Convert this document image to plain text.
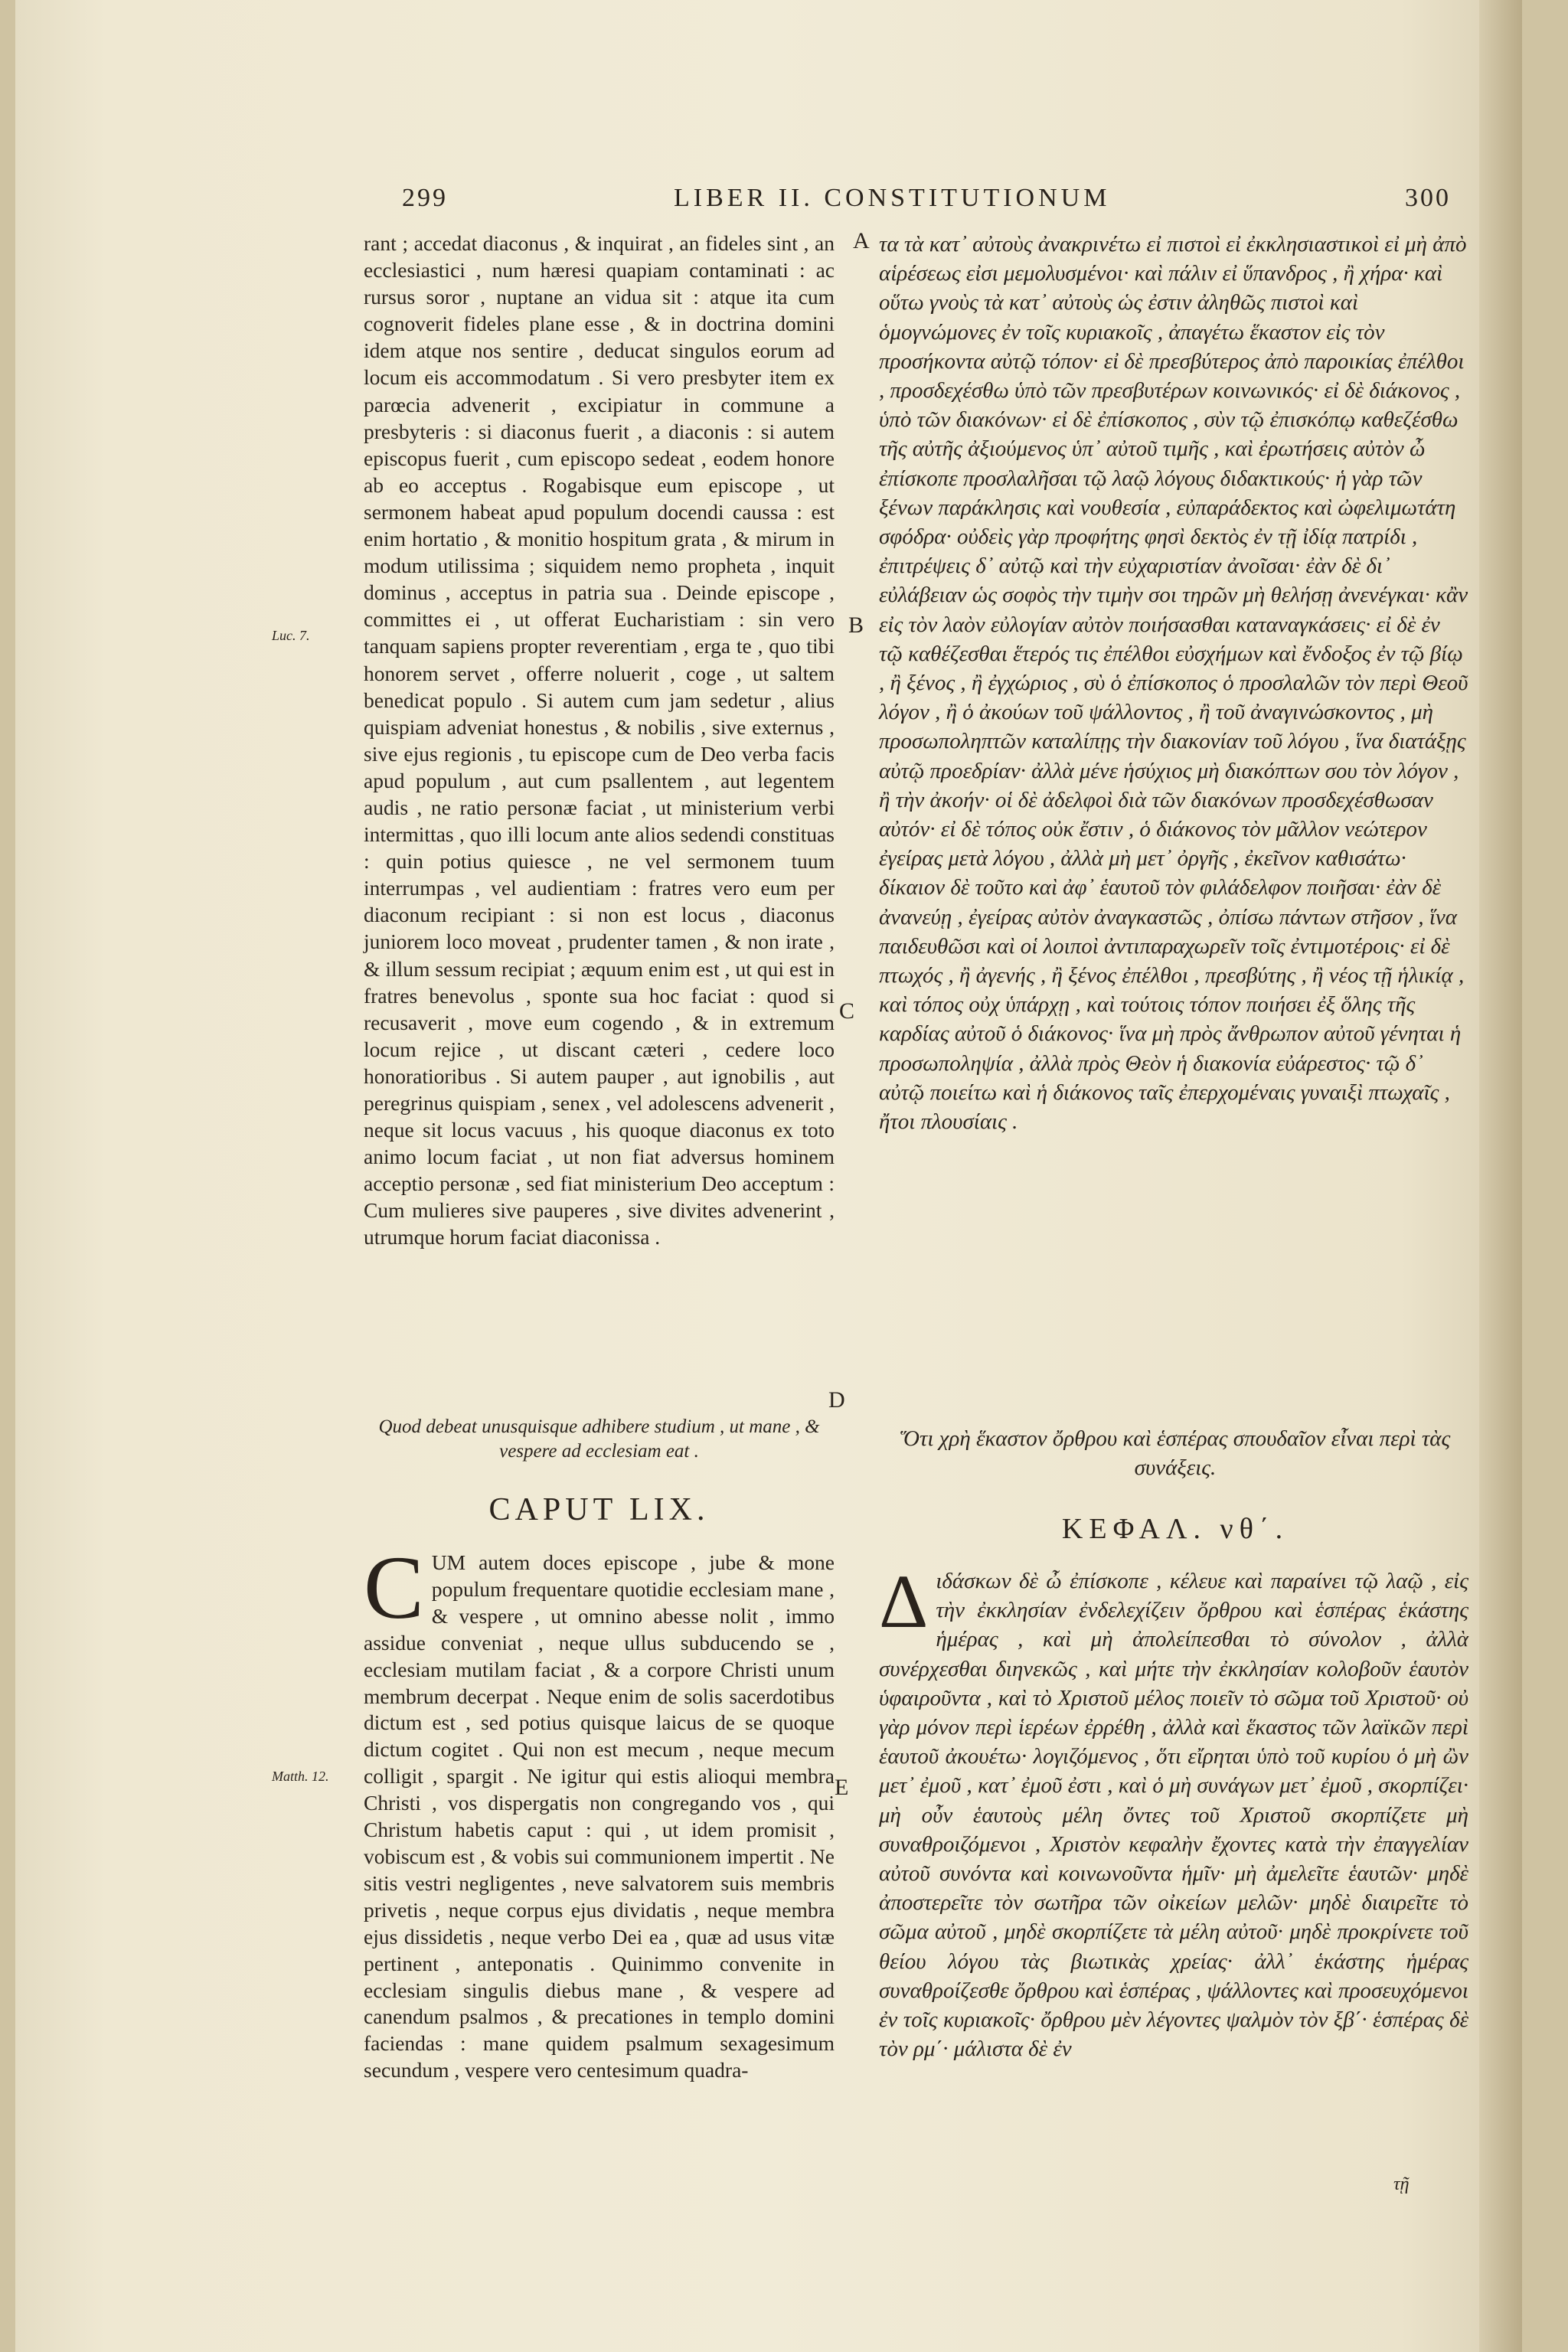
299	LIBER II. CONSTITUTIONUM	300

rant ; accedat diaconus , & inquirat , an fideles sint , an ecclesiastici , num hæresi quapiam contaminati : ac rursus soror , nuptane an vidua sit : atque ita cum cognoverit fideles plane esse , & in doctrina domini idem atque nos sentire , deducat singulos eorum ad locum eis accommodatum . Si vero presbyter item ex parœcia advenerit , excipiatur in commune a presbyteris : si diaconus fuerit , a diaconis : si autem episcopus fuerit , cum episcopo sedeat , eodem honore ab eo acceptus . Rogabisque eum episcope , ut sermonem habeat apud populum docendi caussa : est enim hortatio , & monitio hospitum grata , & mirum in modum utilissima ; siquidem nemo propheta , inquit dominus , acceptus in patria sua . Deinde episcope , committes ei , ut offerat Eucharistiam : sin vero tanquam sapiens propter reverentiam , erga te , quo tibi honorem servet , offerre noluerit , coge , ut saltem benedicat populo . Si autem cum jam sedetur , alius quispiam adveniat honestus , & nobilis , sive externus , sive ejus regionis , tu episcope cum de Deo verba facis apud populum , aut cum psallentem , aut legentem audis , ne ratio personæ faciat , ut ministerium verbi intermittas , quo illi locum ante alios sedendi constituas : quin potius quiesce , ne vel sermonem tuum interrumpas , vel audientiam : fratres vero eum per diaconum recipiant : si non est locus , diaconus juniorem loco moveat , prudenter tamen , & non irate , & illum sessum recipiat ; æquum enim est , ut qui est in fratres benevolus , sponte sua hoc faciat : quod si recusaverit , move eum cogendo , & in extremum locum rejice , ut discant cæteri , cedere loco honoratioribus . Si autem pauper , aut ignobilis , aut peregrinus quispiam , senex , vel adolescens advenerit , neque sit locus vacuus , his quoque diaconus ex toto animo locum faciat , ut non fiat adversus hominem acceptio personæ , sed fiat ministerium Deo acceptum : Cum mulieres sive pauperes , sive divites advenerint , utrumque horum faciat diaconissa .

τα τὰ κατ᾽ αὐτοὺς ἀνακρινέτω εἰ πιστοὶ εἰ ἐκκλησιαστικοὶ εἰ μὴ ἀπὸ αἱρέσεως εἰσι μεμολυσμένοι· καὶ πάλιν εἰ ὕπανδρος , ἢ χήρα· καὶ οὕτω γνοὺς τὰ κατ᾽ αὐτοὺς ὡς ἐστιν ἀληθῶς πιστοὶ καὶ ὁμογνώμονες ἐν τοῖς κυριακοῖς , ἀπαγέτω ἕκαστον εἰς τὸν προσήκοντα αὐτῷ τόπον· εἰ δὲ πρεσβύτερος ἀπὸ παροικίας ἐπέλθοι , προσδεχέσθω ὑπὸ τῶν πρεσβυτέρων κοινωνικός· εἰ δὲ διάκονος , ὑπὸ τῶν διακόνων· εἰ δὲ ἐπίσκοπος , σὺν τῷ ἐπισκόπῳ καθεζέσθω τῆς αὐτῆς ἀξιούμενος ὑπ᾽ αὐτοῦ τιμῆς , καὶ ἐρωτήσεις αὐτὸν ὦ ἐπίσκοπε προσλαλῆσαι τῷ λαῷ λόγους διδακτικούς· ἡ γὰρ τῶν ξένων παράκλησις καὶ νουθεσία , εὐπαράδεκτος καὶ ὠφελιμωτάτη σφόδρα· οὐδεὶς γὰρ προφήτης φησὶ δεκτὸς ἐν τῇ ἰδίᾳ πατρίδι , ἐπιτρέψεις δ᾽ αὐτῷ καὶ τὴν εὐχαριστίαν ἀνοῖσαι· ἐὰν δὲ δι᾽ εὐλάβειαν ὡς σοφὸς τὴν τιμὴν σοι τηρῶν μὴ θελήσῃ ἀνενέγκαι· κἂν εἰς τὸν λαὸν εὐλογίαν αὐτὸν ποιήσασθαι καταναγκάσεις· εἰ δὲ ἐν τῷ καθέζεσθαι ἕτερός τις ἐπέλθοι εὐσχήμων καὶ ἔνδοξος ἐν τῷ βίῳ , ἢ ξένος , ἢ ἐγχώριος , σὺ ὁ ἐπίσκοπος ὁ προσλαλῶν τὸν περὶ Θεοῦ λόγον , ἢ ὁ ἀκούων τοῦ ψάλλοντος , ἢ τοῦ ἀναγινώσκοντος , μὴ προσωποληπτῶν καταλίπῃς τὴν διακονίαν τοῦ λόγου , ἵνα διατάξῃς αὐτῷ προεδρίαν· ἀλλὰ μένε ἡσύχιος μὴ διακόπτων σου τὸν λόγον , ἢ τὴν ἀκοήν· οἱ δὲ ἀδελφοὶ διὰ τῶν διακόνων προσδεχέσθωσαν αὐτόν· εἰ δὲ τόπος οὐκ ἔστιν , ὁ διάκονος τὸν μᾶλλον νεώτερον ἐγείρας μετὰ λόγου , ἀλλὰ μὴ μετ᾽ ὀργῆς , ἐκεῖνον καθισάτω· δίκαιον δὲ τοῦτο καὶ ἀφ᾽ ἑαυτοῦ τὸν φιλάδελφον ποιῆσαι· ἐὰν δὲ ἀνανεύῃ , ἐγείρας αὐτὸν ἀναγκαστῶς , ὀπίσω πάντων στῆσον , ἵνα παιδευθῶσι καὶ οἱ λοιποὶ ἀντιπαραχωρεῖν τοῖς ἐντιμοτέροις· εἰ δὲ πτωχός , ἢ ἀγενής , ἢ ξένος ἐπέλθοι , πρεσβύτης , ἢ νέος τῇ ἡλικίᾳ , καὶ τόπος οὐχ ὑπάρχῃ , καὶ τούτοις τόπον ποιήσει ἐξ ὅλης τῆς καρδίας αὐτοῦ ὁ διάκονος· ἵνα μὴ πρὸς ἄνθρωπον αὐτοῦ γένηται ἡ προσωποληψία , ἀλλὰ πρὸς Θεὸν ἡ διακονία εὐάρεστος· τῷ δ᾽ αὐτῷ ποιείτω καὶ ἡ διάκονος ταῖς ἐπερχομέναις γυναιξὶ πτωχαῖς , ἤτοι πλουσίαις .

A
B
C
D
E
Luc. 7.
Matth. 12.
Quod debeat unusquisque adhibere studium , ut mane , & vespere ad ecclesiam eat .
CAPUT LIX.
C UM autem doces episcope , jube & mone populum frequentare quotidie ecclesiam mane , & vespere , ut omnino abesse nolit , immo assidue conveniat , neque ullus subducendo se , ecclesiam mutilam faciat , & a corpore Christi unum membrum decerpat . Neque enim de solis sacerdotibus dictum est , sed potius quisque laicus de se quoque dictum cogitet . Qui non est mecum , neque mecum colligit , spargit . Ne igitur qui estis alioqui membra Christi , vos dispergatis non congregando vos , qui Christum habetis caput : qui , ut idem promisit , vobiscum est , & vobis sui communionem impertit . Ne sitis vestri negligentes , neve salvatorem suis membris privetis , neque corpus ejus dividatis , neque membra ejus dissidetis , neque verbo Dei ea , quæ ad usus vitæ pertinent , anteponatis . Quinimmo convenite in ecclesiam singulis diebus mane , & vespere ad canendum psalmos , & precationes in templo domini faciendas : mane quidem psalmum sexagesimum secundum , vespere vero centesimum quadra-

Ὅτι χρὴ ἕκαστον ὄρθρου καὶ ἑσπέρας σπουδαῖον εἶναι περὶ τὰς συνάξεις.
ΚΕΦΑΛ. νθ΄.
Δ ιδάσκων δὲ ὦ ἐπίσκοπε , κέλευε καὶ παραίνει τῷ λαῷ , εἰς τὴν ἐκκλησίαν ἐνδελεχίζειν ὄρθρου καὶ ἑσπέρας ἑκάστης ἡμέρας , καὶ μὴ ἀπολείπεσθαι τὸ σύνολον , ἀλλὰ συνέρχεσθαι διηνεκῶς , καὶ μήτε τὴν ἐκκλησίαν κολοβοῦν ἑαυτὸν ὑφαιροῦντα , καὶ τὸ Χριστοῦ μέλος ποιεῖν τὸ σῶμα τοῦ Χριστοῦ· οὐ γὰρ μόνον περὶ ἱερέων ἐρρέθη , ἀλλὰ καὶ ἕκαστος τῶν λαϊκῶν περὶ ἑαυτοῦ ἀκουέτω· λογιζόμενος , ὅτι εἴρηται ὑπὸ τοῦ κυρίου ὁ μὴ ὢν μετ᾽ ἐμοῦ , κατ᾽ ἐμοῦ ἐστι , καὶ ὁ μὴ συνάγων μετ᾽ ἐμοῦ , σκορπίζει· μὴ οὖν ἑαυτοὺς μέλη ὄντες τοῦ Χριστοῦ σκορπίζετε μὴ συναθροιζόμενοι , Χριστὸν κεφαλὴν ἔχοντες κατὰ τὴν ἐπαγγελίαν αὐτοῦ συνόντα καὶ κοινωνοῦντα ἡμῖν· μὴ ἀμελεῖτε ἑαυτῶν· μηδὲ ἀποστερεῖτε τὸν σωτῆρα τῶν οἰκείων μελῶν· μηδὲ διαιρεῖτε τὸ σῶμα αὐτοῦ , μηδὲ σκορπίζετε τὰ μέλη αὐτοῦ· μηδὲ προκρίνετε τοῦ θείου λόγου τὰς βιωτικὰς χρείας· ἀλλ᾽ ἑκάστης ἡμέρας συναθροίζεσθε ὄρθρου καὶ ἑσπέρας , ψάλλοντες καὶ προσευχόμενοι ἐν τοῖς κυριακοῖς· ὄρθρου μὲν λέγοντες ψαλμὸν τὸν ξβ΄· ἑσπέρας δὲ τὸν ρμ΄· μάλιστα δὲ ἐν

τῇ
